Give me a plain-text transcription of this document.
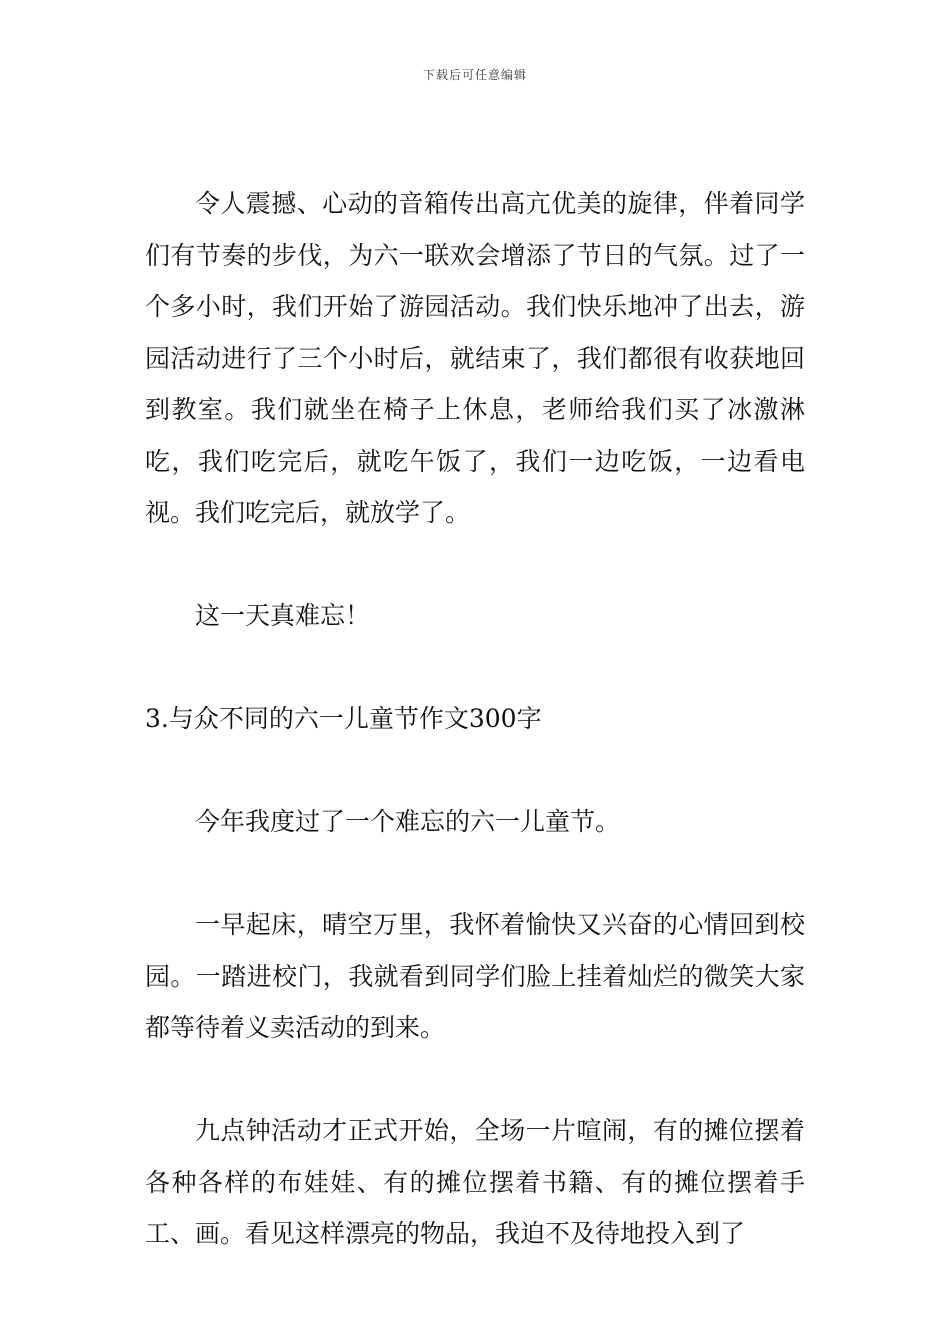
下载后可任意编辑

令人震撼、心动的音箱传出高亢优美的旋律，伴着同学们有节奏的步伐，为六一联欢会增添了节日的气氛。过了一个多小时，我们开始了游园活动。我们快乐地冲了出去，游园活动进行了三个小时后，就结束了，我们都很有收获地回到教室。我们就坐在椅子上休息，老师给我们买了冰激淋吃，我们吃完后，就吃午饭了，我们一边吃饭，一边看电视。我们吃完后，就放学了。

这一天真难忘！

3.与众不同的六一儿童节作文300字

今年我度过了一个难忘的六一儿童节。

一早起床，晴空万里，我怀着愉快又兴奋的心情回到校园。一踏进校门，我就看到同学们脸上挂着灿烂的微笑大家都等待着义卖活动的到来。

九点钟活动才正式开始，全场一片喧闹，有的摊位摆着各种各样的布娃娃、有的摊位摆着书籍、有的摊位摆着手工、画。看见这样漂亮的物品，我迫不及待地投入到了
